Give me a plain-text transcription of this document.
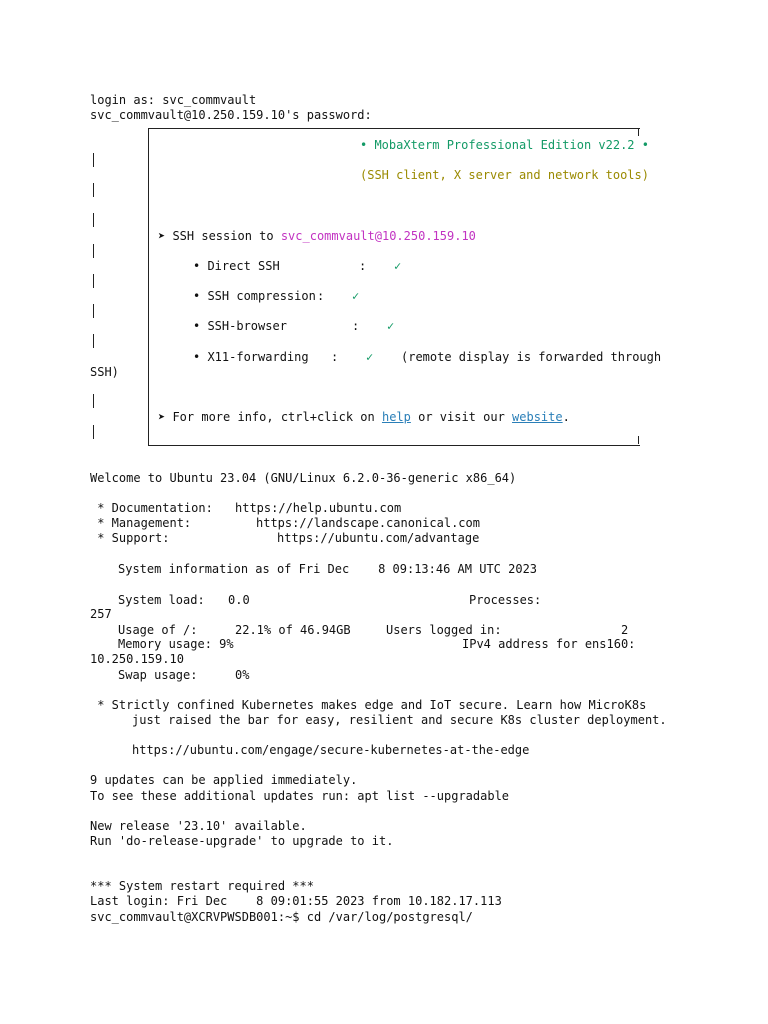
login as: svc_commvault
svc_commvault@10.250.159.10's password:
• MobaXterm Professional Edition v22.2 •
(SSH client, X server and network tools)
➤ SSH session to svc_commvault@10.250.159.10
• Direct SSH	: ✓
• SSH compression : ✓
• SSH-browser	: ✓
• X11-forwarding : ✓ (remote display is forwarded through
SSH)
➤ For more info, ctrl+click on help or visit our website.
Welcome to Ubuntu 23.04 (GNU/Linux 6.2.0-36-generic x86_64)
* Documentation: https://help.ubuntu.com
* Management:	https://landscape.canonical.com
* Support:	https://ubuntu.com/advantage
System information as of Fri Dec    8 09:13:46 AM UTC 2023
System load: 0.0	Processes:
257
Usage of /:	22.1% of 46.94GB	Users logged in:	2
Memory usage: 9%	IPv4 address for ens160:
10.250.159.10
Swap usage:	0%
* Strictly confined Kubernetes makes edge and IoT secure. Learn how MicroK8s
just raised the bar for easy, resilient and secure K8s cluster deployment.
https://ubuntu.com/engage/secure-kubernetes-at-the-edge
9 updates can be applied immediately.
To see these additional updates run: apt list --upgradable
New release '23.10' available.
Run 'do-release-upgrade' to upgrade to it.
*** System restart required ***
Last login: Fri Dec    8 09:01:55 2023 from 10.182.17.113
svc_commvault@XCRVPWSDB001:~$ cd /var/log/postgresql/
